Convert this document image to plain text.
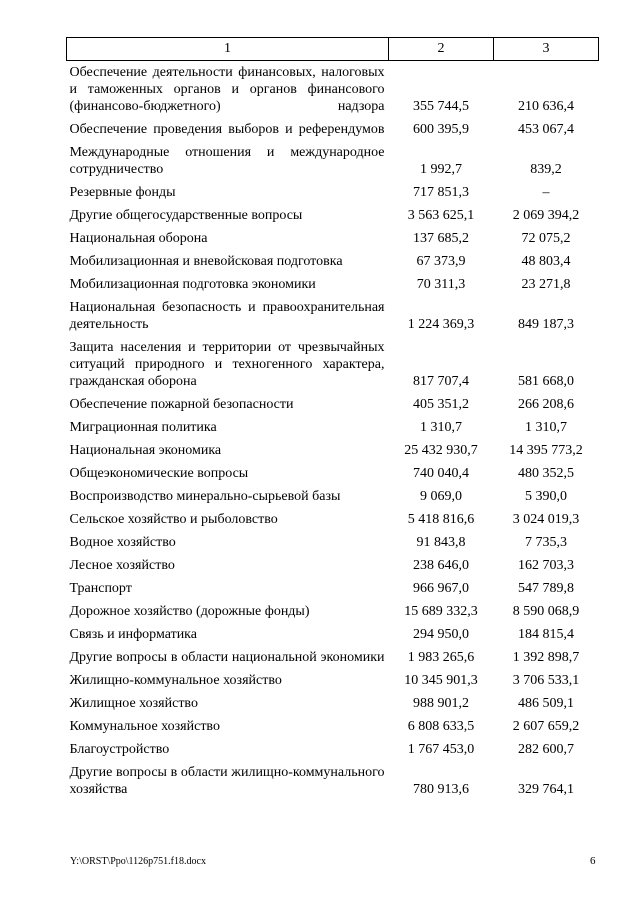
1	2	3
Обеспечение деятельности финансовых, налоговых и таможенных органов и органов финансового (финансово-бюджетного) надзора	355 744,5	210 636,4
Обеспечение проведения выборов и референдумов	600 395,9	453 067,4
Международные отношения и международное сотрудничество	1 992,7	839,2
Резервные фонды	717 851,3	–
Другие общегосударственные вопросы	3 563 625,1	2 069 394,2
Национальная оборона	137 685,2	72 075,2
Мобилизационная и вневойсковая подготовка	67 373,9	48 803,4
Мобилизационная подготовка экономики	70 311,3	23 271,8
Национальная безопасность и правоохранительная деятельность	1 224 369,3	849 187,3
Защита населения и территории от чрезвычайных ситуаций природного и техногенного характера, гражданская оборона	817 707,4	581 668,0
Обеспечение пожарной безопасности	405 351,2	266 208,6
Миграционная политика	1 310,7	1 310,7
Национальная экономика	25 432 930,7	14 395 773,2
Общеэкономические вопросы	740 040,4	480 352,5
Воспроизводство минерально-сырьевой базы	9 069,0	5 390,0
Сельское хозяйство и рыболовство	5 418 816,6	3 024 019,3
Водное хозяйство	91 843,8	7 735,3
Лесное хозяйство	238 646,0	162 703,3
Транспорт	966 967,0	547 789,8
Дорожное хозяйство (дорожные фонды)	15 689 332,3	8 590 068,9
Связь и информатика	294 950,0	184 815,4
Другие вопросы в области национальной экономики	1 983 265,6	1 392 898,7
Жилищно-коммунальное хозяйство	10 345 901,3	3 706 533,1
Жилищное хозяйство	988 901,2	486 509,1
Коммунальное хозяйство	6 808 633,5	2 607 659,2
Благоустройство	1 767 453,0	282 600,7
Другие вопросы в области жилищно-коммунального хозяйства	780 913,6	329 764,1
Y:\ORST\Ppo\1126p751.f18.docx	6
